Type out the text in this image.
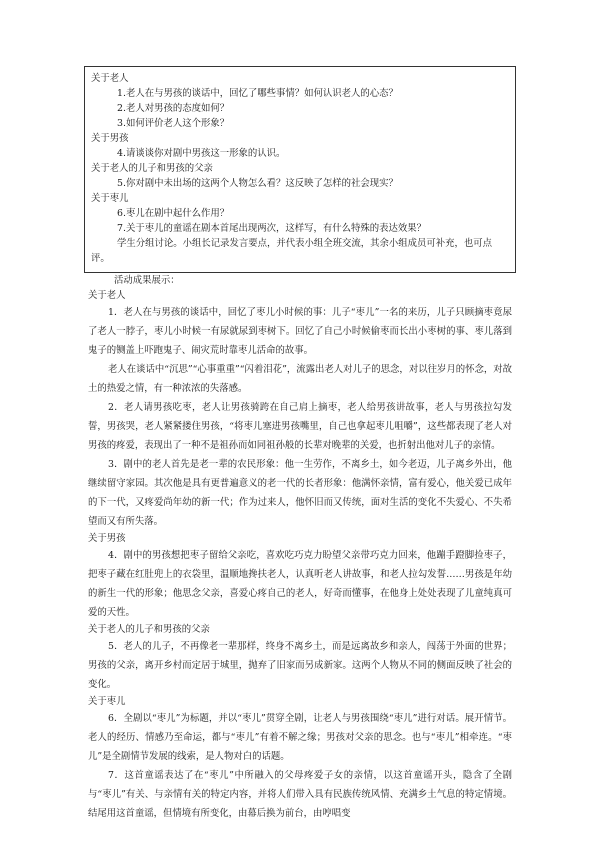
关于老人

1.老人在与男孩的谈话中，回忆了哪些事情？如何认识老人的心态？

2.老人对男孩的态度如何？

3.如何评价老人这个形象？

关于男孩

4.请谈谈你对剧中男孩这一形象的认识。

关于老人的儿子和男孩的父亲

5.你对剧中未出场的这两个人物怎么看？这反映了怎样的社会现实？

关于枣儿

6.枣儿在剧中起什么作用？

7.关于枣儿的童谣在剧本首尾出现两次，这样写，有什么特殊的表达效果？

学生分组讨论。小组长记录发言要点，并代表小组全班交流，其余小组成员可补充，也可点评。

活动成果展示：

关于老人

1．老人在与男孩的谈话中，回忆了枣儿小时候的事：儿子“枣儿”一名的来历，儿子只顾摘枣竟尿了老人一脖子，枣儿小时候一有尿就尿到枣树下。回忆了自己小时候偷枣而长出小枣树的事、枣儿落到鬼子的铡盖上吓跑鬼子、闹灾荒时靠枣儿活命的故事。

老人在谈话中“沉思”“心事重重”“闪着泪花”，流露出老人对儿子的思念，对以往岁月的怀念，对故土的热爱之情，有一种浓浓的失落感。

2．老人请男孩吃枣，老人让男孩骑跨在自己肩上摘枣，老人给男孩讲故事，老人与男孩拉勾发誓，男孩哭，老人紧紧搂住男孩，“将枣儿塞进男孩嘴里，自己也拿起枣儿咀嚼”，这些都表现了老人对男孩的疼爱，表现出了一种不是祖孙而如同祖孙般的长辈对晚辈的关爱，也折射出他对儿子的亲情。

3．剧中的老人首先是老一辈的农民形象：他一生劳作，不离乡土，如今老迈，儿子离乡外出，他继续留守家园。其次他是具有更普遍意义的老一代的长者形象：他满怀亲情，富有爱心，他关爱已成年的下一代，又疼爱尚年幼的新一代；作为过来人，他怀旧而又传统，面对生活的变化不失爱心、不失希望而又有所失落。

关于男孩

4．剧中的男孩想把枣子留给父亲吃，喜欢吃巧克力盼望父亲带巧克力回来，他蹦手蹬脚捡枣子，把枣子藏在红肚兜上的衣袋里，温顺地搀扶老人，认真听老人讲故事，和老人拉勾发誓……男孩是年幼的新生一代的形象；他思念父亲，喜爱心疼自己的老人，好奇而懂事，在他身上处处表现了儿童纯真可爱的天性。

关于老人的儿子和男孩的父亲

5．老人的儿子，不再像老一辈那样，终身不离乡土，而是远离故乡和亲人，闯荡于外面的世界；男孩的父亲，离开乡村而定居于城里，抛弃了旧家而另成新家。这两个人物从不同的侧面反映了社会的变化。

关于枣儿

6．全剧以“枣儿”为标题，并以“枣儿”贯穿全剧，让老人与男孩围绕“枣儿”进行对话。展开情节。老人的经历、情感乃至命运，都与“枣儿”有着不解之缘；男孩对父亲的思念。也与“枣儿”相牵连。“枣儿”是全剧情节发展的线索，是人物对白的话题。

7．这首童谣表达了在“枣儿”中所融入的父母疼爱子女的亲情，以这首童谣开头，隐含了全剧与“枣儿”有关、与亲情有关的特定内容，并将人们带入具有民族传统风情、充满乡土气息的特定情境。结尾用这首童谣，但情境有所变化，由幕后换为前台，由哼唱变
